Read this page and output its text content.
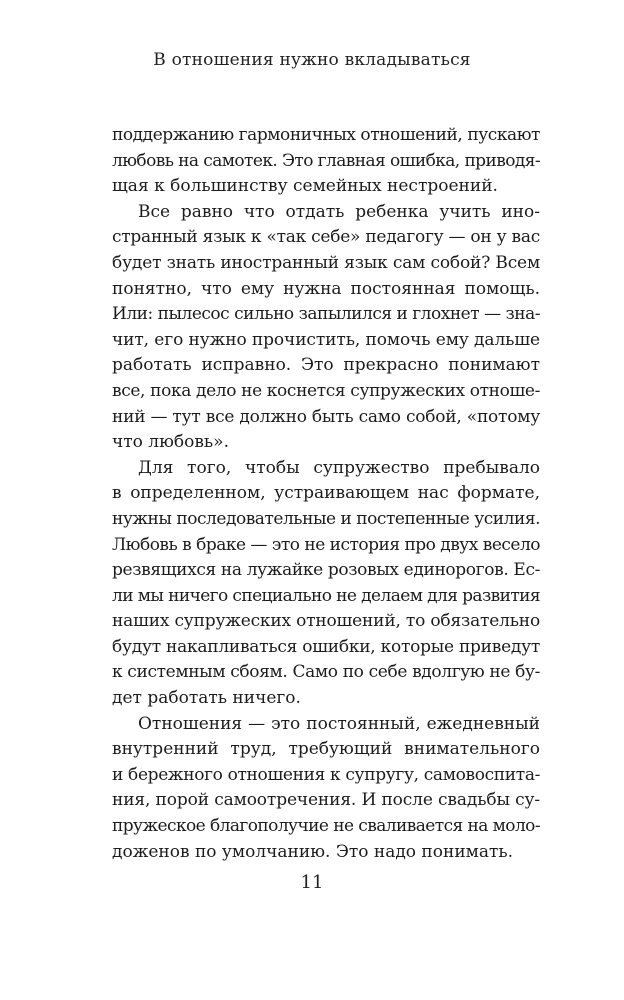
В отношения нужно вкладываться
поддержанию гармоничных отношений, пускают
любовь на самотек. Это главная ошибка, приводя-
щая к большинству семейных нестроений.
Все равно что отдать ребенка учить ино-
странный язык к «так себе» педагогу — он у вас
будет знать иностранный язык сам собой? Всем
понятно, что ему нужна постоянная помощь.
Или: пылесос сильно запылился и глохнет — зна-
чит, его нужно прочистить, помочь ему дальше
работать исправно. Это прекрасно понимают
все, пока дело не коснется супружеских отноше-
ний — тут все должно быть само собой, «потому
что любовь».
Для того, чтобы супружество пребывало
в определенном, устраивающем нас формате,
нужны последовательные и постепенные усилия.
Любовь в браке — это не история про двух весело
резвящихся на лужайке розовых единорогов. Ес-
ли мы ничего специально не делаем для развития
наших супружеских отношений, то обязательно
будут накапливаться ошибки, которые приведут
к системным сбоям. Само по себе вдолгую не бу-
дет работать ничего.
Отношения — это постоянный, ежедневный
внутренний труд, требующий внимательного
и бережного отношения к супругу, самовоспита-
ния, порой самоотречения. И после свадьбы су-
пружеское благополучие не сваливается на моло-
доженов по умолчанию. Это надо понимать.
11
